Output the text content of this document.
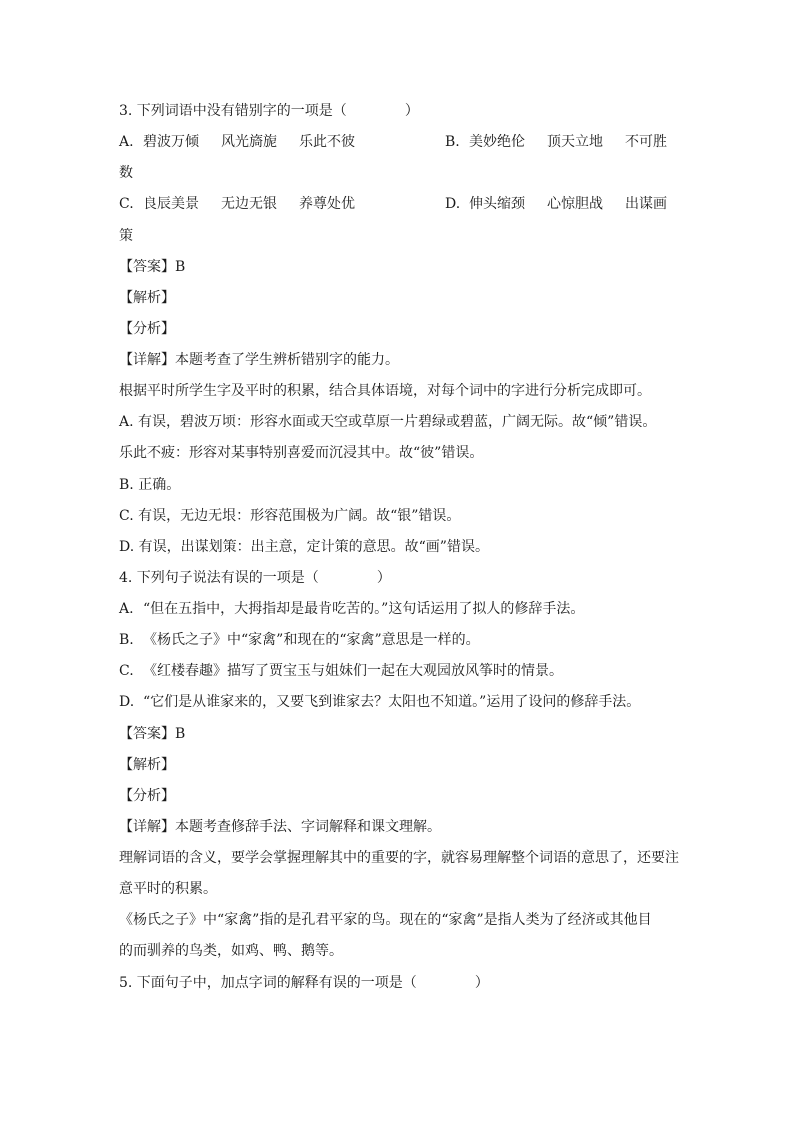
3. 下列词语中没有错别字的一项是（	）
A. 碧波万倾 风光旖旎 乐此不彼	B. 美妙绝伦 顶天立地 不可胜
数
C. 良辰美景 无边无银 养尊处优	D. 伸头缩颈 心惊胆战 出谋画
策
【答案】B
【解析】
【分析】
【详解】本题考查了学生辨析错别字的能力。
根据平时所学生字及平时的积累，结合具体语境，对每个词中的字进行分析完成即可。
A. 有误，碧波万顷：形容水面或天空或草原一片碧绿或碧蓝，广阔无际。故“倾”错误。
乐此不疲：形容对某事特别喜爱而沉浸其中。故“彼”错误。
B. 正确。
C. 有误，无边无垠：形容范围极为广阔。故“银”错误。
D. 有误，出谋划策：出主意，定计策的意思。故“画”错误。
4. 下列句子说法有误的一项是（	）
A. “但在五指中，大拇指却是最肯吃苦的。”这句话运用了拟人的修辞手法。
B. 《杨氏之子》中“家禽”和现在的“家禽”意思是一样的。
C. 《红楼春趣》描写了贾宝玉与姐妹们一起在大观园放风筝时的情景。
D. “它们是从谁家来的，又要飞到谁家去？太阳也不知道。”运用了设问的修辞手法。
【答案】B
【解析】
【分析】
【详解】本题考查修辞手法、字词解释和课文理解。
理解词语的含义，要学会掌握理解其中的重要的字，就容易理解整个词语的意思了，还要注
意平时的积累。
《杨氏之子》中“家禽”指的是孔君平家的鸟。现在的“家禽”是指人类为了经济或其他目
的而驯养的鸟类，如鸡、鸭、鹅等。
5. 下面句子中，加点字词的解释有误的一项是（	）
